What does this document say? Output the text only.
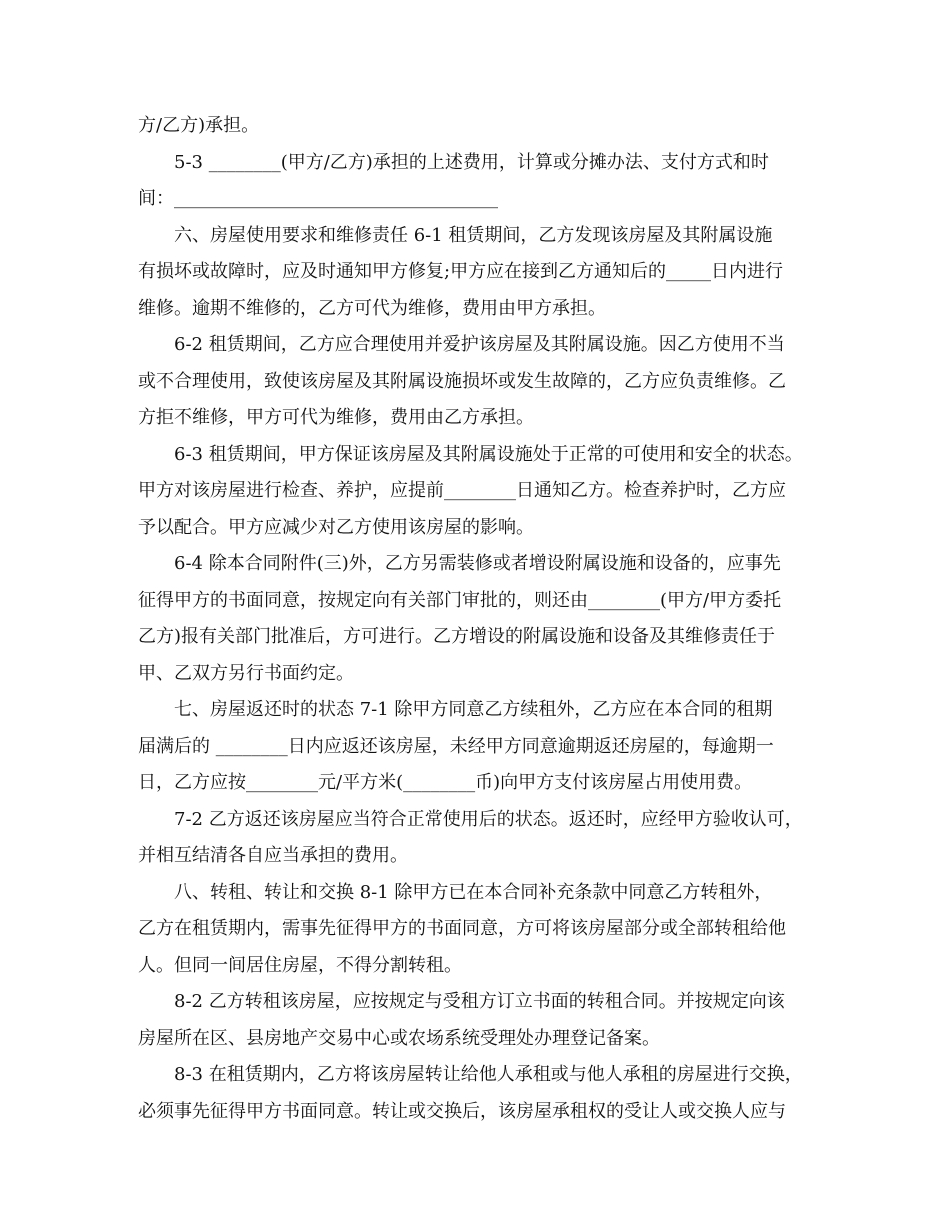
方/乙方)承担。
5-3 ________(甲方/乙方)承担的上述费用，计算或分摊办法、支付方式和时
间：____________________________________
六、房屋使用要求和维修责任 6-1 租赁期间，乙方发现该房屋及其附属设施
有损坏或故障时，应及时通知甲方修复;甲方应在接到乙方通知后的_____日内进行
维修。逾期不维修的，乙方可代为维修，费用由甲方承担。
6-2 租赁期间，乙方应合理使用并爱护该房屋及其附属设施。因乙方使用不当
或不合理使用，致使该房屋及其附属设施损坏或发生故障的，乙方应负责维修。乙
方拒不维修，甲方可代为维修，费用由乙方承担。
6-3 租赁期间，甲方保证该房屋及其附属设施处于正常的可使用和安全的状态。
甲方对该房屋进行检查、养护，应提前________日通知乙方。检查养护时，乙方应
予以配合。甲方应减少对乙方使用该房屋的影响。
6-4 除本合同附件(三)外，乙方另需装修或者增设附属设施和设备的，应事先
征得甲方的书面同意，按规定向有关部门审批的，则还由________(甲方/甲方委托
乙方)报有关部门批准后，方可进行。乙方增设的附属设施和设备及其维修责任于
甲、乙双方另行书面约定。
七、房屋返还时的状态 7-1 除甲方同意乙方续租外，乙方应在本合同的租期
届满后的 ________日内应返还该房屋，未经甲方同意逾期返还房屋的，每逾期一
日，乙方应按________元/平方米(________币)向甲方支付该房屋占用使用费。
7-2 乙方返还该房屋应当符合正常使用后的状态。返还时，应经甲方验收认可，
并相互结清各自应当承担的费用。
八、转租、转让和交换 8-1 除甲方已在本合同补充条款中同意乙方转租外，
乙方在租赁期内，需事先征得甲方的书面同意，方可将该房屋部分或全部转租给他
人。但同一间居住房屋，不得分割转租。
8-2 乙方转租该房屋，应按规定与受租方订立书面的转租合同。并按规定向该
房屋所在区、县房地产交易中心或农场系统受理处办理登记备案。
8-3 在租赁期内，乙方将该房屋转让给他人承租或与他人承租的房屋进行交换，
必须事先征得甲方书面同意。转让或交换后，该房屋承租权的受让人或交换人应与
